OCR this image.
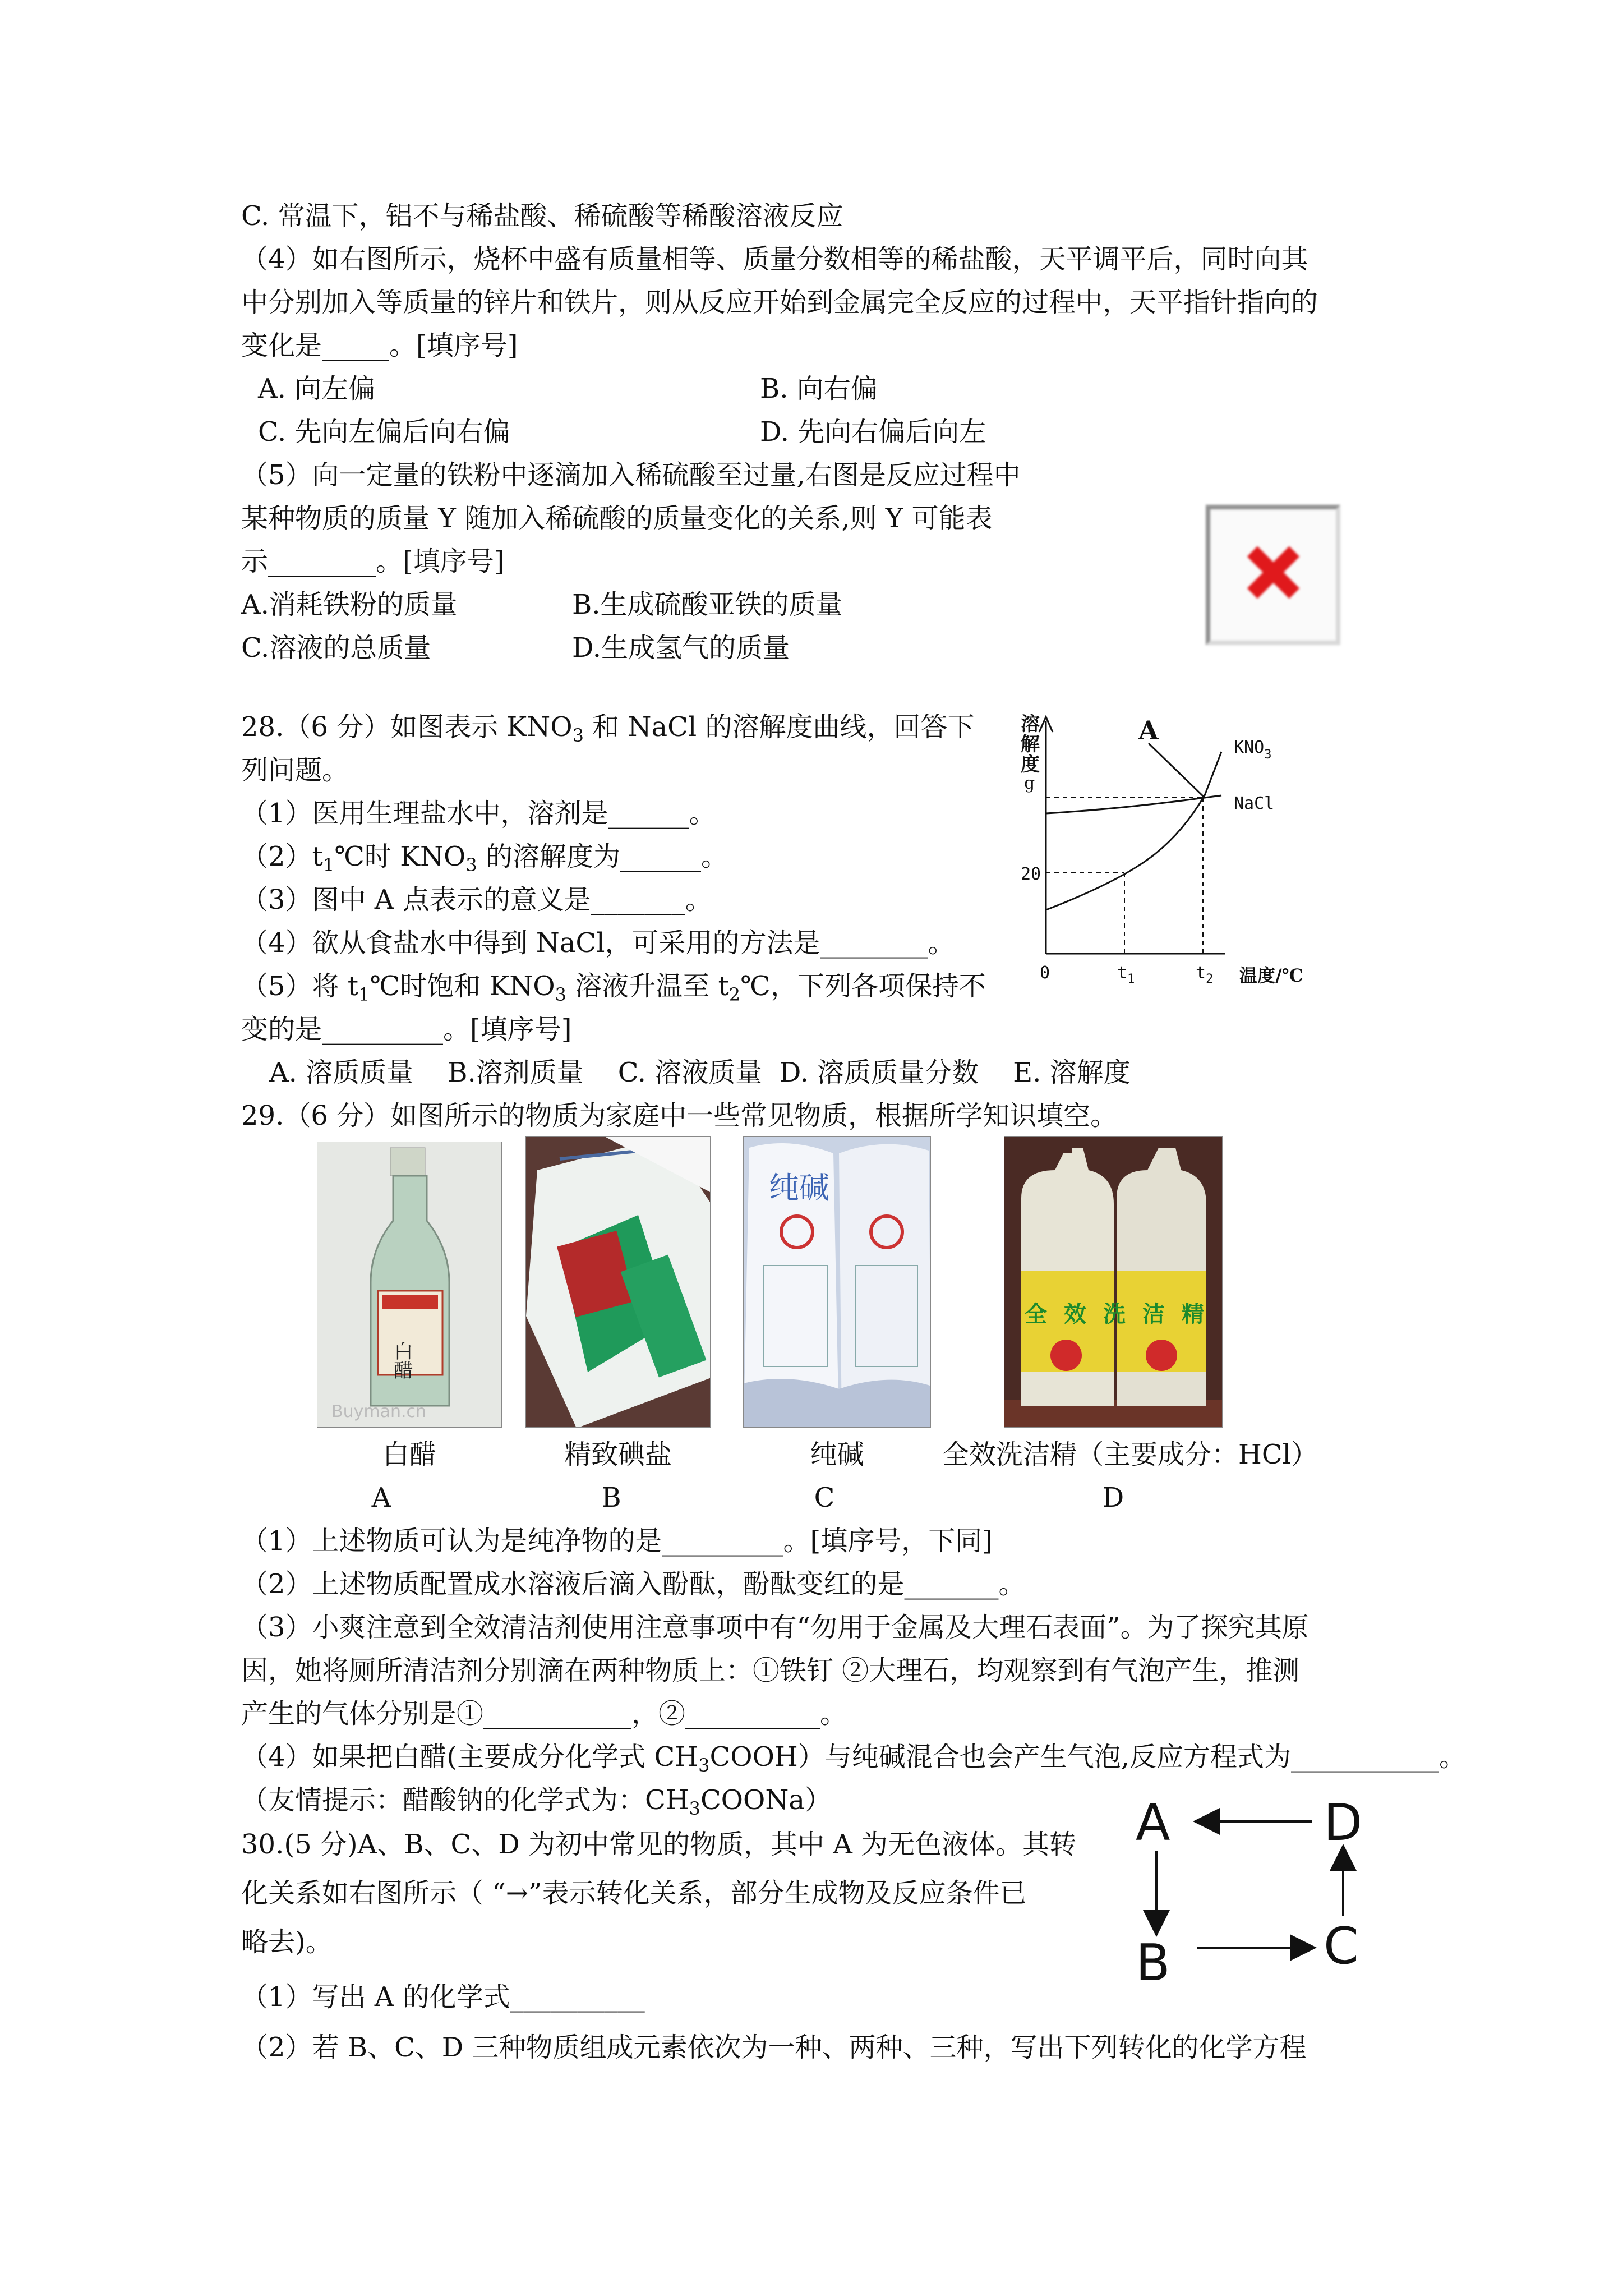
C. 常温下，铝不与稀盐酸、稀硫酸等稀酸溶液反应
（4）如右图所示，烧杯中盛有质量相等、质量分数相等的稀盐酸，天平调平后，同时向其
中分别加入等质量的锌片和铁片，则从反应开始到金属完全反应的过程中，天平指针指向的
变化是_____。[填序号]
A. 向左偏	B. 向右偏
C. 先向左偏后向右偏	D. 先向右偏后向左
（5）向一定量的铁粉中逐滴加入稀硫酸至过量,右图是反应过程中
某种物质的质量 Y 随加入稀硫酸的质量变化的关系,则 Y 可能表
示________。[填序号]
A.消耗铁粉的质量	B.生成硫酸亚铁的质量
C.溶液的总质量	D.生成氢气的质量
28.（6 分）如图表示 $KNO_3$ 和 NaCl 的溶解度曲线，回答下
列问题。
（1）医用生理盐水中，溶剂是______。
$(2)t_1℃$时 $KNO_3$ 的溶解度为______。
（3）图中 A 点表示的意义是_______。
（4）欲从食盐水中得到 NaCl，可采用的方法是________。
（5）将 $t_1℃$时饱和 $KNO_3$ 溶液升温至 $t_2℃$，下列各项保持不
变的是_________。[填序号]
A. 溶质质量    B.溶剂质量    C. 溶液质量  D. 溶质质量分数    E. 溶解度
溶
解
度
g
A
$KNO_3$
NaCl
20
0	$t_1$	$t_2$ 温度/℃
29.（6 分）如图所示的物质为家庭中一些常见物质，根据所学知识填空。
白醋
Buyman.cn
纯碱
全效洗洁精
白醋	精致碘盐	纯碱	全效洗洁精（主要成分：HCl）
A	B	C	D
（1）上述物质可认为是纯净物的是_________。[填序号，下同]
（2）上述物质配置成水溶液后滴入酚酞，酚酞变红的是_______。
（3）小爽注意到全效清洁剂使用注意事项中有“勿用于金属及大理石表面”。为了探究其原
因，她将厕所清洁剂分别滴在两种物质上：①铁钉 ②大理石，均观察到有气泡产生，推测
产生的气体分别是①___________，②__________。
（4）如果把白醋(主要成分化学式 $CH_3COOH$）与纯碱混合也会产生气泡,反应方程式为___________。
（友情提示：醋酸钠的化学式为：$CH_3COONa$）
30.(5 分)A、B、C、D 为初中常见的物质，其中 A 为无色液体。其转
化关系如右图所示（ “→”表示转化关系，部分生成物及反应条件已
略去)。
（1）写出 A 的化学式__________
（2）若 B、C、D 三种物质组成元素依次为一种、两种、三种，写出下列转化的化学方程
A	D
B	C
